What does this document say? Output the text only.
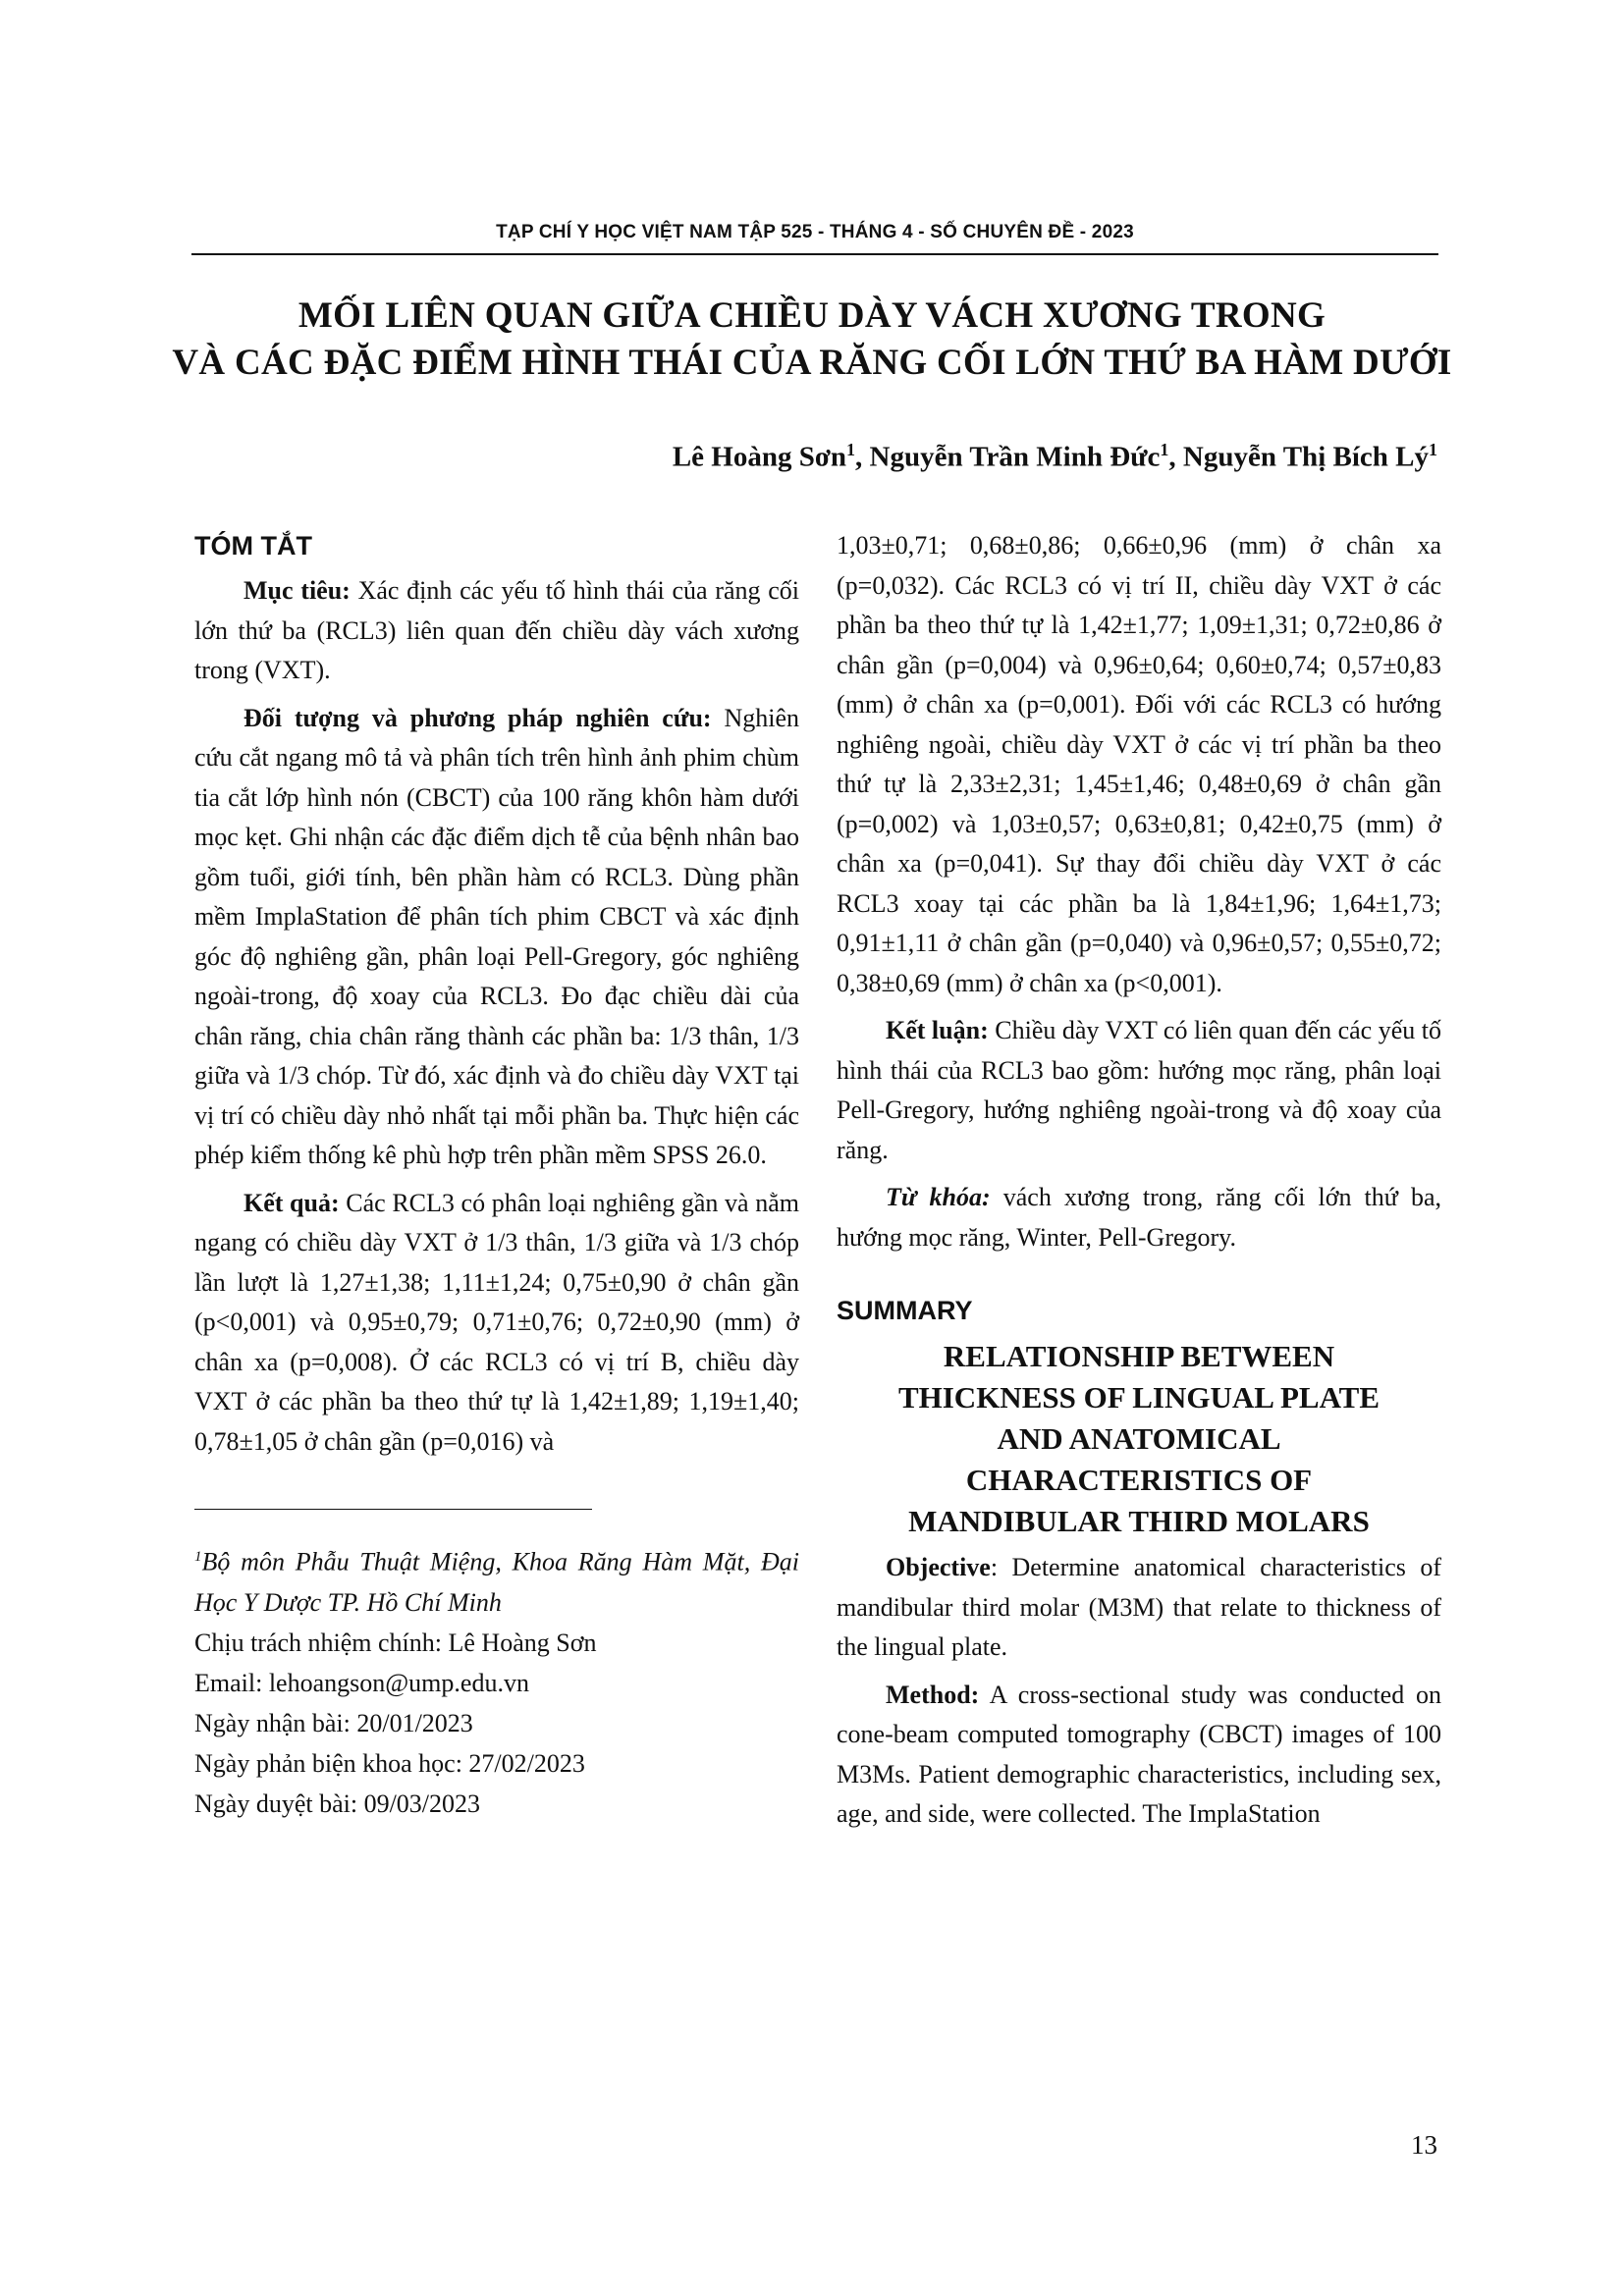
TẠP CHÍ Y HỌC VIỆT NAM TẬP 525 - THÁNG 4 - SỐ CHUYÊN ĐỀ - 2023
MỐI LIÊN QUAN GIỮA CHIỀU DÀY VÁCH XƯƠNG TRONG
VÀ CÁC ĐẶC ĐIỂM HÌNH THÁI CỦA RĂNG CỐI LỚN THỨ BA HÀM DƯỚI
Lê Hoàng Sơn$^1$, Nguyễn Trần Minh Đức$^1$, Nguyễn Thị Bích $Lý^1$
TÓM TẮT

Mục tiêu: Xác định các yếu tố hình thái của răng cối lớn thứ ba (RCL3) liên quan đến chiều dày vách xương trong (VXT).

Đối tượng và phương pháp nghiên cứu: Nghiên cứu cắt ngang mô tả và phân tích trên hình ảnh phim chùm tia cắt lớp hình nón (CBCT) của 100 răng khôn hàm dưới mọc kẹt. Ghi nhận các đặc điểm dịch tễ của bệnh nhân bao gồm tuổi, giới tính, bên phần hàm có RCL3. Dùng phần mềm ImplaStation để phân tích phim CBCT và xác định góc độ nghiêng gần, phân loại Pell-Gregory, góc nghiêng ngoài-trong, độ xoay của RCL3. Đo đạc chiều dài của chân răng, chia chân răng thành các phần ba: 1/3 thân, 1/3 giữa và 1/3 chóp. Từ đó, xác định và đo chiều dày VXT tại vị trí có chiều dày nhỏ nhất tại mỗi phần ba. Thực hiện các phép kiểm thống kê phù hợp trên phần mềm SPSS 26.0.

Kết quả: Các RCL3 có phân loại nghiêng gần và nằm ngang có chiều dày VXT ở 1/3 thân, 1/3 giữa và 1/3 chóp lần lượt là 1,27±1,38; 1,11±1,24; 0,75±0,90 ở chân gần (p<0,001) và 0,95±0,79; 0,71±0,76; 0,72±0,90 (mm) ở chân xa (p=0,008). Ở các RCL3 có vị trí B, chiều dày VXT ở các phần ba theo thứ tự là 1,42±1,89; 1,19±1,40; 0,78±1,05 ở chân gần (p=0,016) và

$^1$Bộ môn Phẫu Thuật Miệng, Khoa Răng Hàm Mặt, Đại Học Y Dược TP. Hồ Chí Minh
Chịu trách nhiệm chính: Lê Hoàng Sơn
Email: lehoangson@ump.edu.vn
Ngày nhận bài: 20/01/2023
Ngày phản biện khoa học: 27/02/2023
Ngày duyệt bài: 09/03/2023

1,03±0,71; 0,68±0,86; 0,66±0,96 (mm) ở chân xa (p=0,032). Các RCL3 có vị trí II, chiều dày VXT ở các phần ba theo thứ tự là 1,42±1,77; 1,09±1,31; 0,72±0,86 ở chân gần (p=0,004) và 0,96±0,64; 0,60±0,74; 0,57±0,83 (mm) ở chân xa (p=0,001). Đối với các RCL3 có hướng nghiêng ngoài, chiều dày VXT ở các vị trí phần ba theo thứ tự là 2,33±2,31; 1,45±1,46; 0,48±0,69 ở chân gần (p=0,002) và 1,03±0,57; 0,63±0,81; 0,42±0,75 (mm) ở chân xa (p=0,041). Sự thay đổi chiều dày VXT ở các RCL3 xoay tại các phần ba là 1,84±1,96; 1,64±1,73; 0,91±1,11 ở chân gần (p=0,040) và 0,96±0,57; 0,55±0,72; 0,38±0,69 (mm) ở chân xa (p<0,001).

Kết luận: Chiều dày VXT có liên quan đến các yếu tố hình thái của RCL3 bao gồm: hướng mọc răng, phân loại Pell-Gregory, hướng nghiêng ngoài-trong và độ xoay của răng.

Từ khóa: vách xương trong, răng cối lớn thứ ba, hướng mọc răng, Winter, Pell-Gregory.

SUMMARY
RELATIONSHIP BETWEEN
THICKNESS OF LINGUAL PLATE
AND ANATOMICAL
CHARACTERISTICS OF
MANDIBULAR THIRD MOLARS

Objective: Determine anatomical characteristics of mandibular third molar (M3M) that relate to thickness of the lingual plate.

Method: A cross-sectional study was conducted on cone-beam computed tomography (CBCT) images of 100 M3Ms. Patient demographic characteristics, including sex, age, and side, were collected. The ImplaStation

13
